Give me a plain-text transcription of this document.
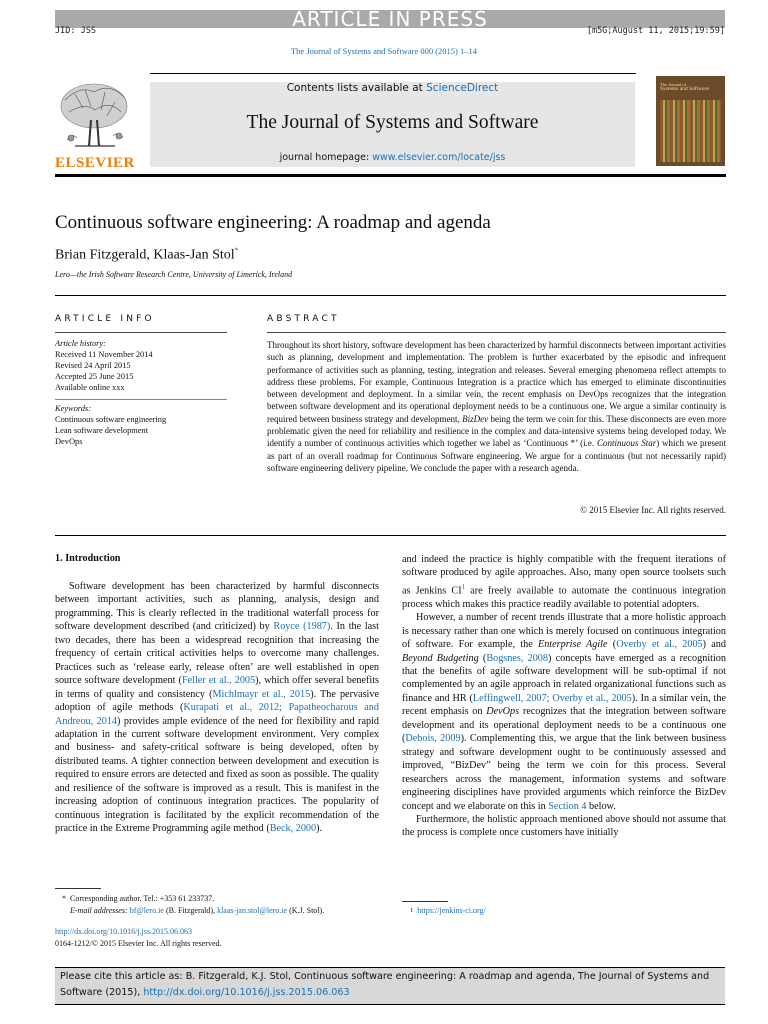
ARTICLE IN PRESS
JID: JSS	[m5G;August 11, 2015;19:59]
The Journal of Systems and Software 000 (2015) 1–14
Contents lists available at ScienceDirect
The Journal of Systems and Software
journal homepage: www.elsevier.com/locate/jss
ELSEVIER
The Journal of
Systems and Software
Continuous software engineering: A roadmap and agenda
Brian Fitzgerald, Klaas-Jan Stol*
Lero—the Irish Software Research Centre, University of Limerick, Ireland
ARTICLE INFO
Article history:
Received 11 November 2014
Revised 24 April 2015
Accepted 25 June 2015
Available online xxx
Keywords:
Continuous software engineering
Lean software development
DevOps
ABSTRACT
Throughout its short history, software development has been characterized by harmful disconnects between important activities such as planning, development and implementation. The problem is further exacerbated by the episodic and infrequent performance of activities such as planning, testing, integration and releases. Several emerging phenomena reflect attempts to address these problems. For example, Continuous Integration is a practice which has emerged to eliminate discontinuities between development and deployment. In a similar vein, the recent emphasis on DevOps recognizes that the integration between software development and its operational deployment needs to be a continuous one. We argue a similar continuity is required between business strategy and development, BizDev being the term we coin for this. These disconnects are even more problematic given the need for reliability and resilience in the complex and data-intensive systems being developed today. We identify a number of continuous activities which together we label as ‘Continuous *’ (i.e. Continuous Star) which we present as part of an overall roadmap for Continuous Software engineering. We argue for a continuous (but not necessarily rapid) software engineering delivery pipeline. We conclude the paper with a research agenda.
© 2015 Elsevier Inc. All rights reserved.
1. Introduction

Software development has been characterized by harmful disconnects between important activities, such as planning, analysis, design and programming. This is clearly reflected in the traditional waterfall process for software development described (and criticized) by Royce (1987). In the last two decades, there has been a widespread recognition that increasing the frequency of certain critical activities helps to overcome many challenges. Practices such as ‘release early, release often’ are well established in open source software development (Feller et al., 2005), which offer several benefits in terms of quality and consistency (Michlmayr et al., 2015). The pervasive adoption of agile methods (Kurapati et al., 2012; Papatheocharous and Andreou, 2014) provides ample evidence of the need for flexibility and rapid adaptation in the current software development environment. Very complex and business- and safety-critical software is being developed, often by distributed teams. A tighter connection between development and execution is required to ensure errors are detected and fixed as soon as possible. The quality and resilience of the software is improved as a result. This is manifest in the increasing adoption of continuous integration practices. The popularity of continuous integration is facilitated by the explicit recommendation of the practice in the Extreme Programming agile method (Beck, 2000).

and indeed the practice is highly compatible with the frequent iterations of software produced by agile approaches. Also, many open source toolsets such as Jenkins $CI^1$ are freely available to automate the continuous integration process which makes this practice readily available to potential adopters.

However, a number of recent trends illustrate that a more holistic approach is necessary rather than one which is merely focused on continuous integration of software. For example, the Enterprise Agile (Overby et al., 2005) and Beyond Budgeting (Bogsnes, 2008) concepts have emerged as a recognition that the benefits of agile software development will be sub-optimal if not complemented by an agile approach in related organizational functions such as finance and HR (Leffingwell, 2007; Overby et al., 2005). In a similar vein, the recent emphasis on DevOps recognizes that the integration between software development and its operational deployment needs to be a continuous one (Debois, 2009). Complementing this, we argue that the link between business strategy and software development ought to be continuously assessed and improved, “BizDev” being the term we coin for this process. Several researchers across the management, information systems and software engineering disciplines have provided arguments which reinforce the BizDev concept and we elaborate on this in Section 4 below.

Furthermore, the holistic approach mentioned above should not assume that the process is complete once customers have initially

* Corresponding author. Tel.: +353 61 233737.
E-mail addresses: bf@lero.ie (B. Fitzgerald), klaas-jan.stol@lero.ie (K.J. Stol).	$^1$ https://jenkins-ci.org/
http://dx.doi.org/10.1016/j.jss.2015.06.063
0164-1212/© 2015 Elsevier Inc. All rights reserved.
Please cite this article as: B. Fitzgerald, K.J. Stol, Continuous software engineering: A roadmap and agenda, The Journal of Systems and Software (2015), http://dx.doi.org/10.1016/j.jss.2015.06.063
